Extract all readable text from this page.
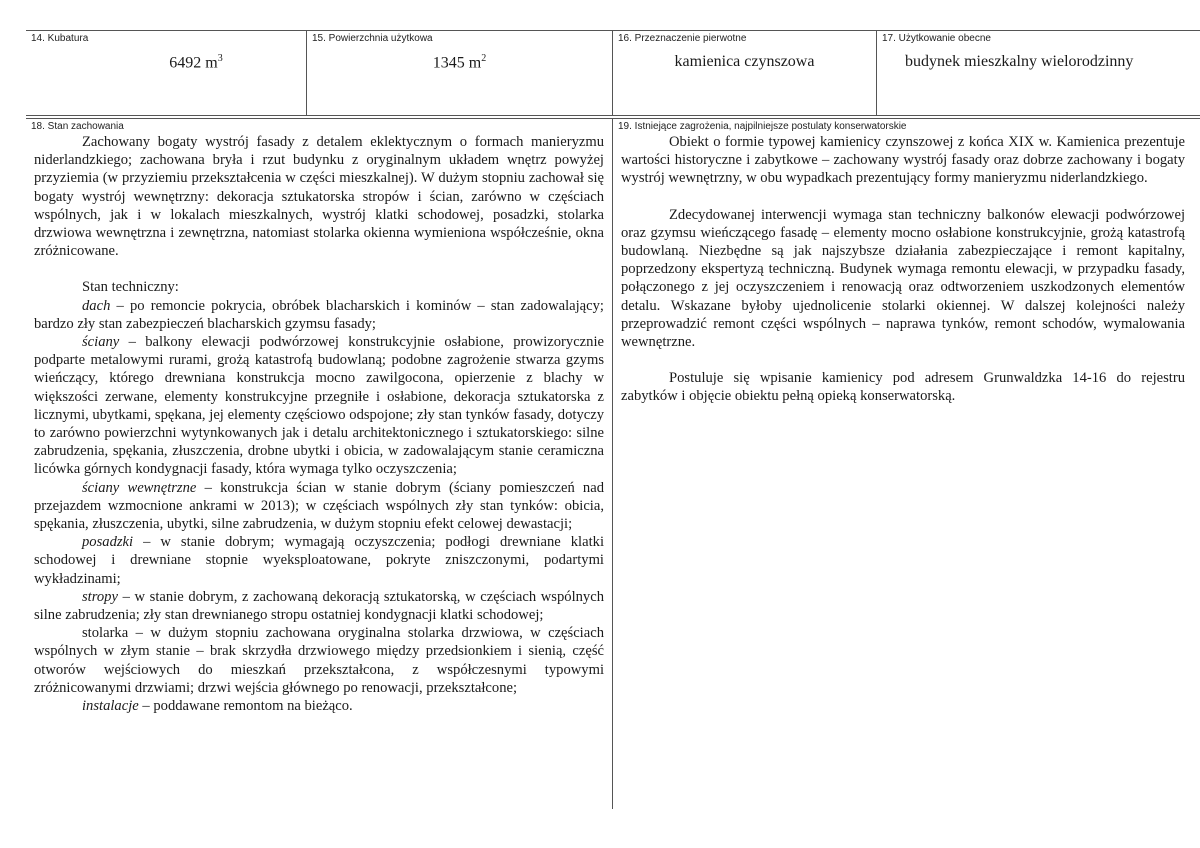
14. Kubatura
6492 $m^3$
15. Powierzchnia użytkowa
1345 $m^2$
16. Przeznaczenie pierwotne
kamienica czynszowa
17. Użytkowanie obecne
budynek mieszkalny wielorodzinny
18. Stan zachowania

Zachowany bogaty wystrój fasady z detalem eklektycznym o formach manieryzmu niderlandzkiego; zachowana bryła i rzut budynku z oryginalnym układem wnętrz powyżej przyziemia (w przyziemiu przekształcenia w części mieszkalnej). W dużym stopniu zachował się bogaty wystrój wewnętrzny: dekoracja sztukatorska stropów i ścian, zarówno w częściach wspólnych, jak i w lokalach mieszkalnych, wystrój klatki schodowej, posadzki, stolarka drzwiowa wewnętrzna i zewnętrzna, natomiast stolarka okienna wymieniona współcześnie, okna zróżnicowane.

Stan techniczny:

dach – po remoncie pokrycia, obróbek blacharskich i kominów – stan zadowalający; bardzo zły stan zabezpieczeń blacharskich gzymsu fasady;

ściany – balkony elewacji podwórzowej konstrukcyjnie osłabione, prowizorycznie podparte metalowymi rurami, grożą katastrofą budowlaną; podobne zagrożenie stwarza gzyms wieńczący, którego drewniana konstrukcja mocno zawilgocona, opierzenie z blachy w większości zerwane, elementy konstrukcyjne przegniłe i osłabione, dekoracja sztukatorska z licznymi, ubytkami, spękana, jej elementy częściowo odspojone; zły stan tynków fasady, dotyczy to zarówno powierzchni wytynkowanych jak i detalu architektonicznego i sztukatorskiego: silne zabrudzenia, spękania, złuszczenia, drobne ubytki i obicia, w zadowalającym stanie ceramiczna licówka górnych kondygnacji fasady, która wymaga tylko oczyszczenia;

ściany wewnętrzne – konstrukcja ścian w stanie dobrym (ściany pomieszczeń nad przejazdem wzmocnione ankrami w 2013); w częściach wspólnych zły stan tynków: obicia, spękania, złuszczenia, ubytki, silne zabrudzenia, w dużym stopniu efekt celowej dewastacji;

posadzki – w stanie dobrym; wymagają oczyszczenia; podłogi drewniane klatki schodowej i drewniane stopnie wyeksploatowane, pokryte zniszczonymi, podartymi wykładzinami;

stropy – w stanie dobrym, z zachowaną dekoracją sztukatorską, w częściach wspólnych silne zabrudzenia; zły stan drewnianego stropu ostatniej kondygnacji klatki schodowej;

stolarka – w dużym stopniu zachowana oryginalna stolarka drzwiowa, w częściach wspólnych w złym stanie – brak skrzydła drzwiowego między przedsionkiem i sienią, część otworów wejściowych do mieszkań przekształcona, z współczesnymi typowymi zróżnicowanymi drzwiami; drzwi wejścia głównego po renowacji, przekształcone;

instalacje – poddawane remontom na bieżąco.

19. Istniejące zagrożenia, najpilniejsze postulaty konserwatorskie

Obiekt o formie typowej kamienicy czynszowej z końca XIX w. Kamienica prezentuje wartości historyczne i zabytkowe – zachowany wystrój fasady oraz dobrze zachowany i bogaty wystrój wewnętrzny, w obu wypadkach prezentujący formy manieryzmu niderlandzkiego.

Zdecydowanej interwencji wymaga stan techniczny balkonów elewacji podwórzowej oraz gzymsu wieńczącego fasadę – elementy mocno osłabione konstrukcyjnie, grożą katastrofą budowlaną. Niezbędne są jak najszybsze działania zabezpieczające i remont kapitalny, poprzedzony ekspertyzą techniczną. Budynek wymaga remontu elewacji, w przypadku fasady, połączonego z jej oczyszczeniem i renowacją oraz odtworzeniem uszkodzonych elementów detalu. Wskazane byłoby ujednolicenie stolarki okiennej. W dalszej kolejności należy przeprowadzić remont części wspólnych – naprawa tynków, remont schodów, wymalowania wewnętrzne.

Postuluje się wpisanie kamienicy pod adresem Grunwaldzka 14-16 do rejestru zabytków i objęcie obiektu pełną opieką konserwatorską.
